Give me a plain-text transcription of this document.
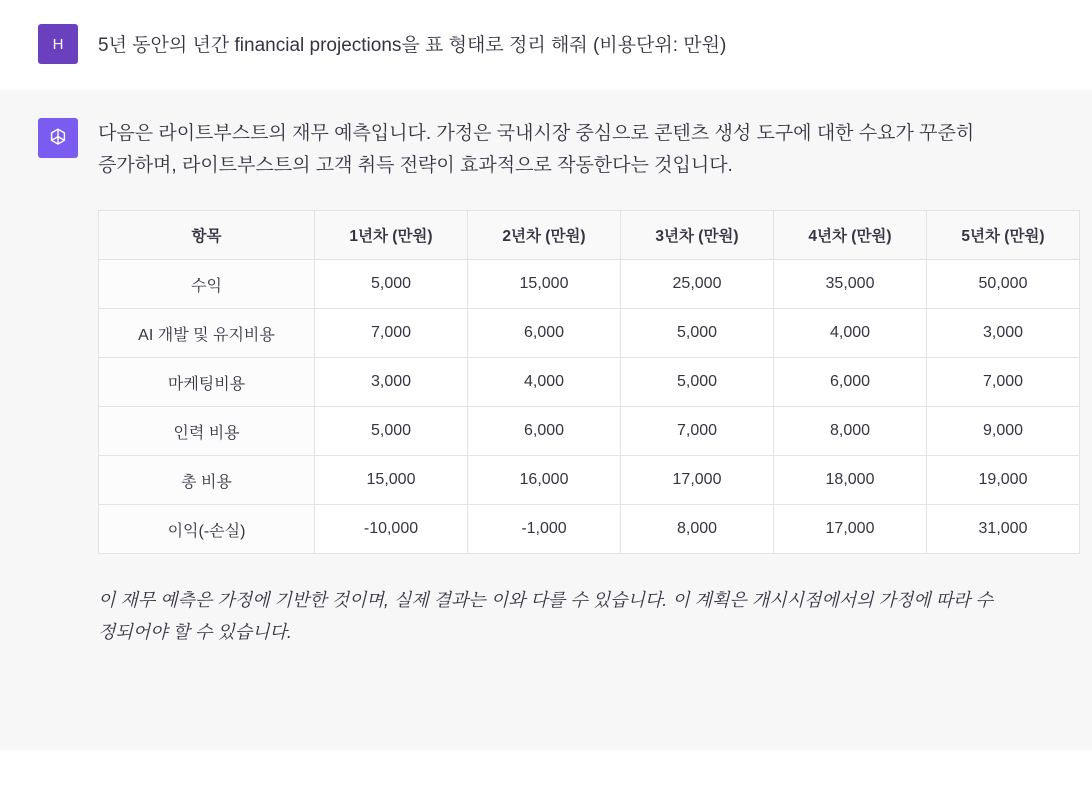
H	5년 동안의 년간 financial projections을 표 형태로 정리 해줘 (비용단위: 만원)

다음은 라이트부스트의 재무 예측입니다. 가정은 국내시장 중심으로 콘텐츠 생성 도구에 대한 수요가 꾸준히 증가하며, 라이트부스트의 고객 취득 전략이 효과적으로 작동한다는 것입니다.

항목	1년차 (만원)	2년차 (만원)	3년차 (만원)	4년차 (만원)	5년차 (만원)
수익	5,000	15,000	25,000	35,000	50,000
AI 개발 및 유지비용	7,000	6,000	5,000	4,000	3,000
마케팅비용	3,000	4,000	5,000	6,000	7,000
인력 비용	5,000	6,000	7,000	8,000	9,000
총 비용	15,000	16,000	17,000	18,000	19,000
이익(-손실)	-10,000	-1,000	8,000	17,000	31,000

이 재무 예측은 가정에 기반한 것이며, 실제 결과는 이와 다를 수 있습니다. 이 계획은 개시시점에서의 가정에 따라 수정되어야 할 수 있습니다.
